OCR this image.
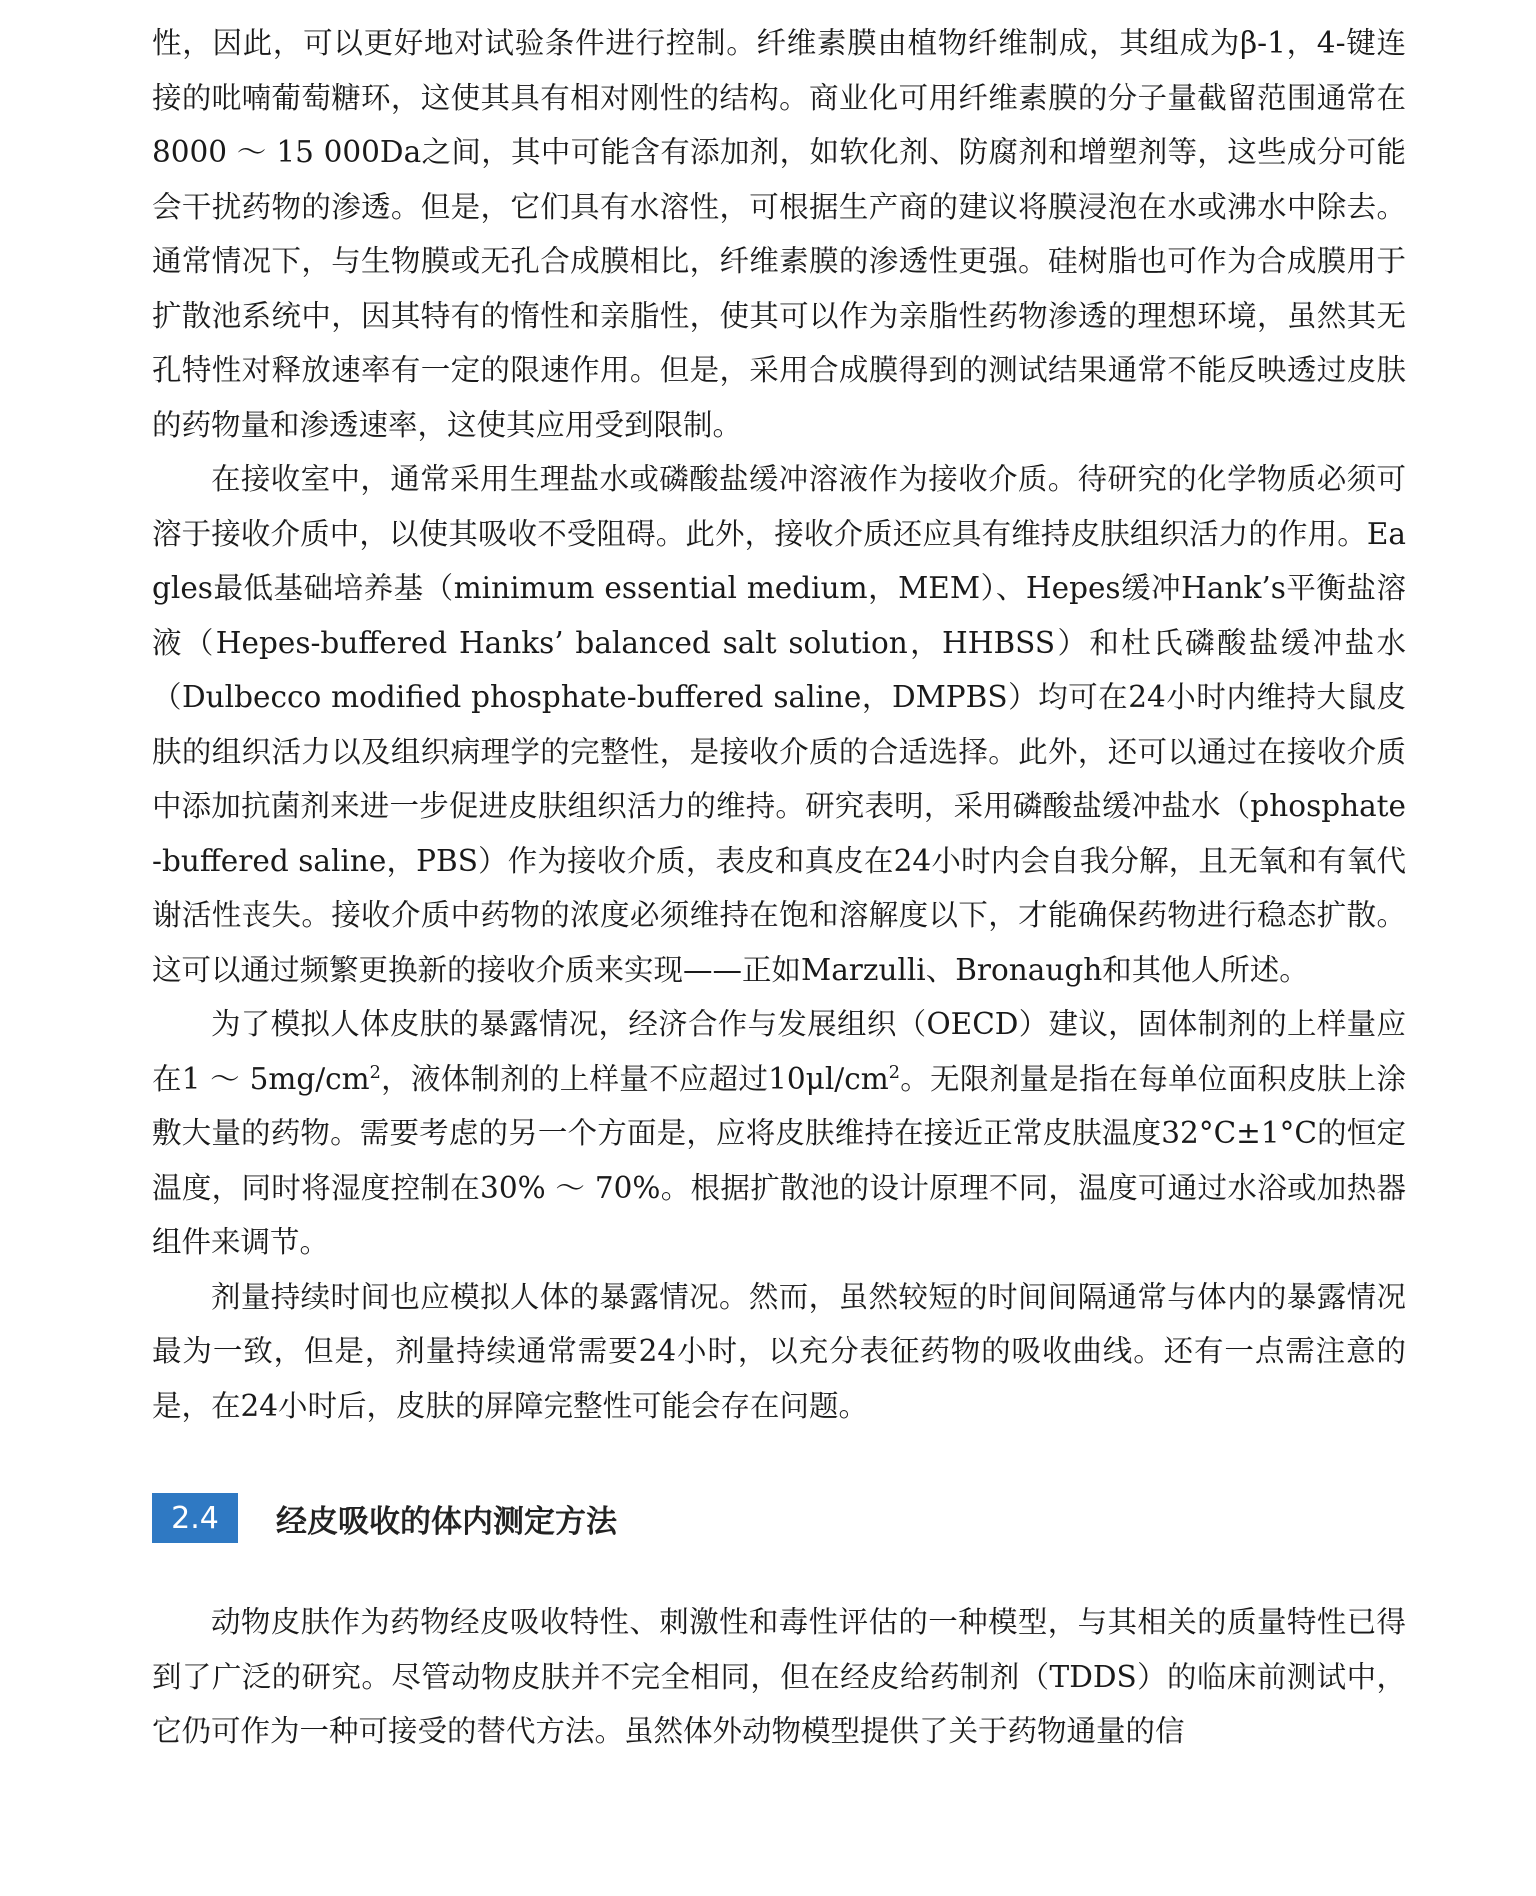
性，因此，可以更好地对试验条件进行控制。纤维素膜由植物纤维制成，其组成为β-1，4-键连接的吡喃葡萄糖环，这使其具有相对刚性的结构。商业化可用纤维素膜的分子量截留范围通常在8000 ～ 15 000Da之间，其中可能含有添加剂，如软化剂、防腐剂和增塑剂等，这些成分可能会干扰药物的渗透。但是，它们具有水溶性，可根据生产商的建议将膜浸泡在水或沸水中除去。通常情况下，与生物膜或无孔合成膜相比，纤维素膜的渗透性更强。硅树脂也可作为合成膜用于扩散池系统中，因其特有的惰性和亲脂性，使其可以作为亲脂性药物渗透的理想环境，虽然其无孔特性对释放速率有一定的限速作用。但是，采用合成膜得到的测试结果通常不能反映透过皮肤的药物量和渗透速率，这使其应用受到限制。

在接收室中，通常采用生理盐水或磷酸盐缓冲溶液作为接收介质。待研究的化学物质必须可溶于接收介质中，以使其吸收不受阻碍。此外，接收介质还应具有维持皮肤组织活力的作用。Eagles最低基础培养基（minimum essential medium，MEM）、Hepes缓冲Hank’s平衡盐溶液（Hepes-buffered Hanks’ balanced salt solution，HHBSS）和杜氏磷酸盐缓冲盐水（Dulbecco modified phosphate-buffered saline，DMPBS）均可在24小时内维持大鼠皮肤的组织活力以及组织病理学的完整性，是接收介质的合适选择。此外，还可以通过在接收介质中添加抗菌剂来进一步促进皮肤组织活力的维持。研究表明，采用磷酸盐缓冲盐水（phosphate-buffered saline，PBS）作为接收介质，表皮和真皮在24小时内会自我分解，且无氧和有氧代谢活性丧失。接收介质中药物的浓度必须维持在饱和溶解度以下，才能确保药物进行稳态扩散。这可以通过频繁更换新的接收介质来实现——正如Marzulli、Bronaugh和其他人所述。

为了模拟人体皮肤的暴露情况，经济合作与发展组织（OECD）建议，固体制剂的上样量应在1 ～ $5mg/cm^2$，液体制剂的上样量不应超过$10\mu l/cm^2$。无限剂量是指在每单位面积皮肤上涂敷大量的药物。需要考虑的另一个方面是，应将皮肤维持在接近正常皮肤温度32°C±1°C的恒定温度，同时将湿度控制在30% ～ 70%。根据扩散池的设计原理不同，温度可通过水浴或加热器组件来调节。

剂量持续时间也应模拟人体的暴露情况。然而，虽然较短的时间间隔通常与体内的暴露情况最为一致，但是，剂量持续通常需要24小时，以充分表征药物的吸收曲线。还有一点需注意的是，在24小时后，皮肤的屏障完整性可能会存在问题。

2.4	经皮吸收的体内测定方法

动物皮肤作为药物经皮吸收特性、刺激性和毒性评估的一种模型，与其相关的质量特性已得到了广泛的研究。尽管动物皮肤并不完全相同，但在经皮给药制剂（TDDS）的临床前测试中，它仍可作为一种可接受的替代方法。虽然体外动物模型提供了关于药物通量的信
